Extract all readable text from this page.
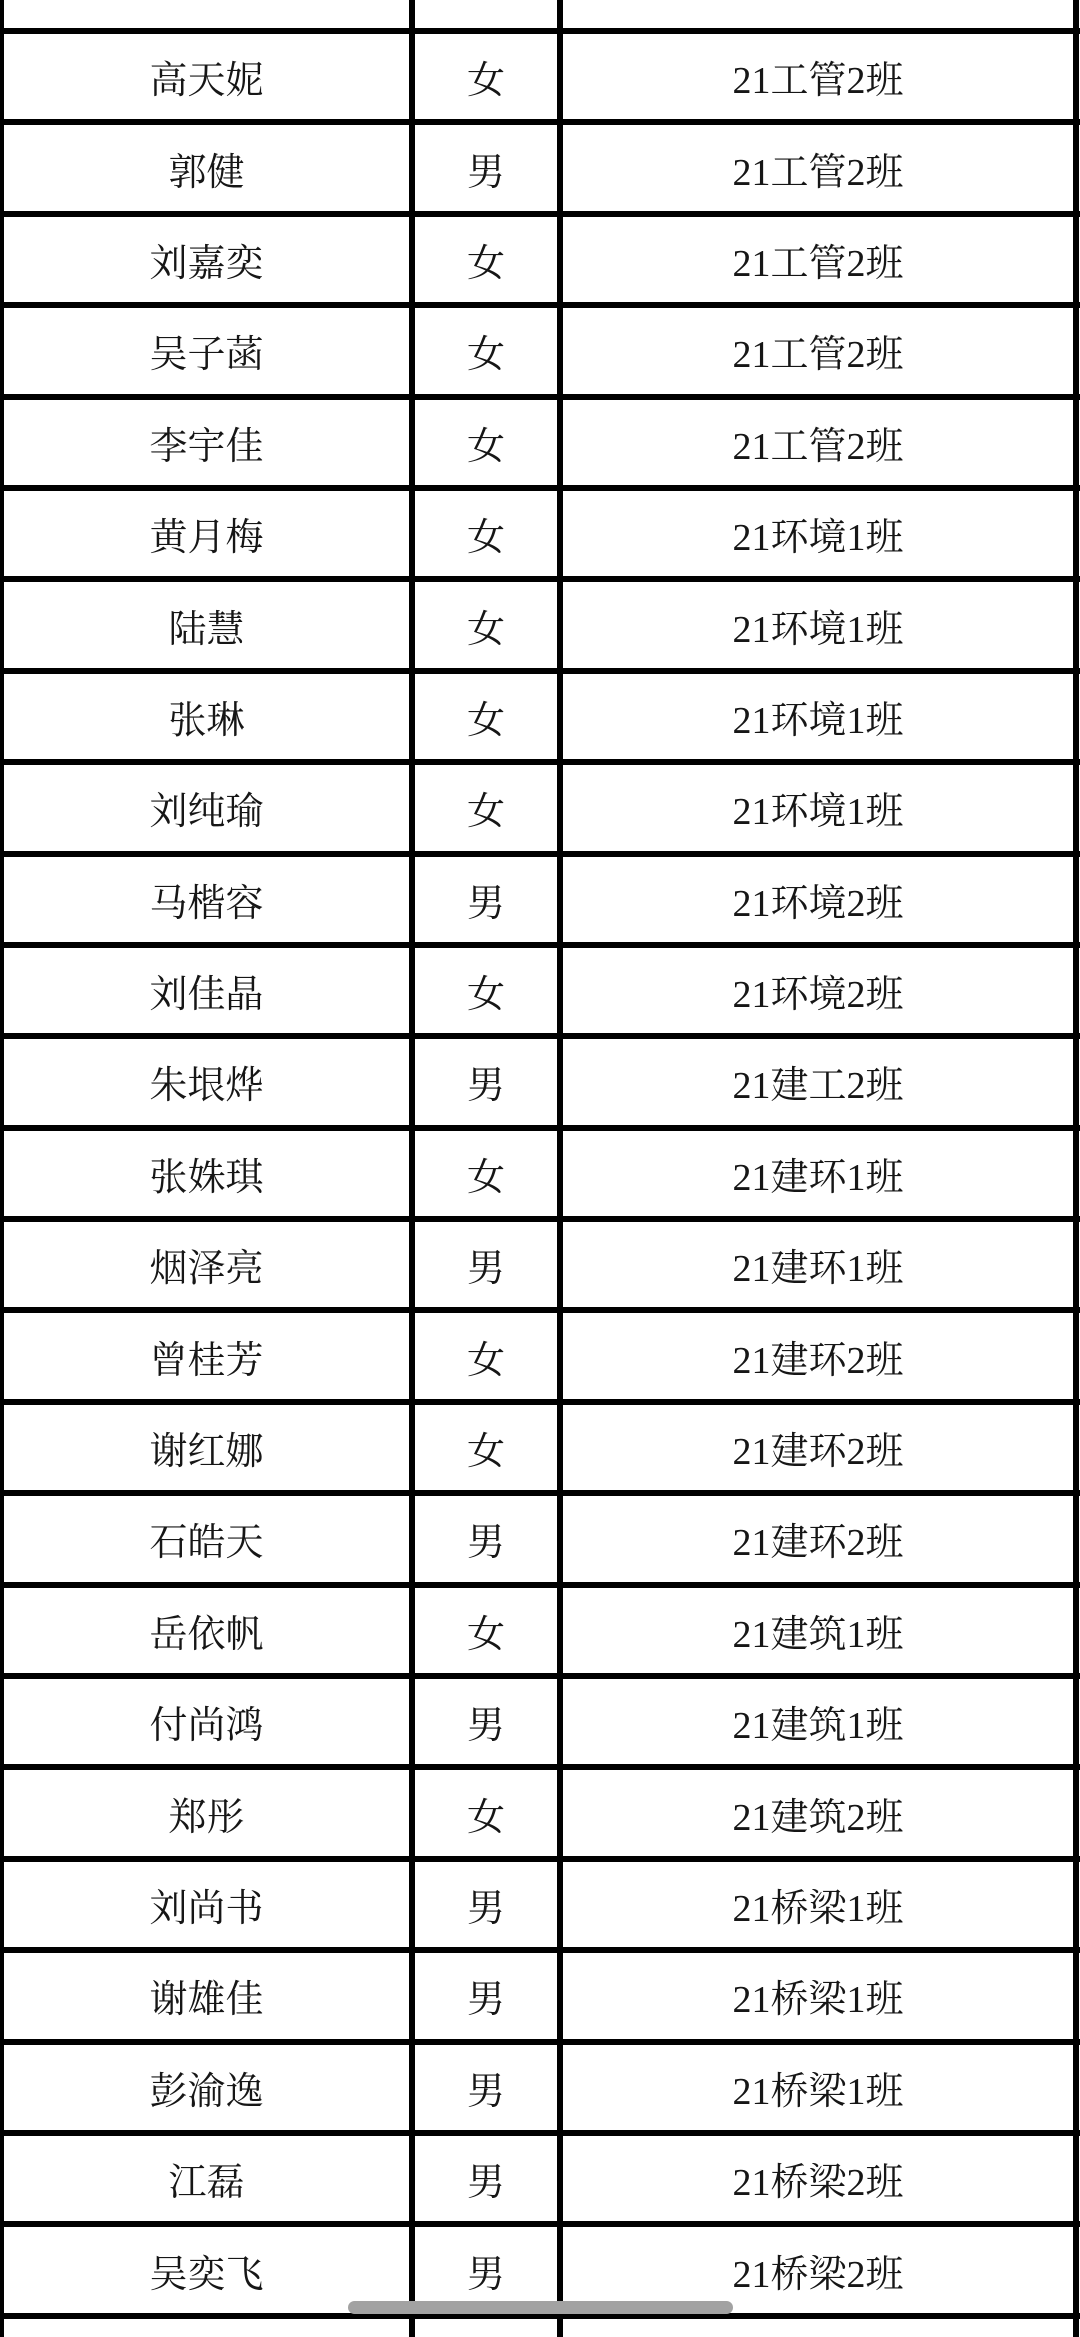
高天妮	女	21工管2班	
郭健	男	21工管2班	
刘嘉奕	女	21工管2班	
吴子菡	女	21工管2班	
李宇佳	女	21工管2班	
黄月梅	女	21环境1班	
陆慧	女	21环境1班	
张琳	女	21环境1班	
刘纯瑜	女	21环境1班	
马楷容	男	21环境2班	
刘佳晶	女	21环境2班	
朱垠烨	男	21建工2班	
张姝琪	女	21建环1班	
烟泽亮	男	21建环1班	
曾桂芳	女	21建环2班	
谢红娜	女	21建环2班	
石皓天	男	21建环2班	
岳依帆	女	21建筑1班	
付尚鸿	男	21建筑1班	
郑彤	女	21建筑2班	
刘尚书	男	21桥梁1班	
谢雄佳	男	21桥梁1班	
彭渝逸	男	21桥梁1班	
江磊	男	21桥梁2班	
吴奕飞	男	21桥梁2班	
